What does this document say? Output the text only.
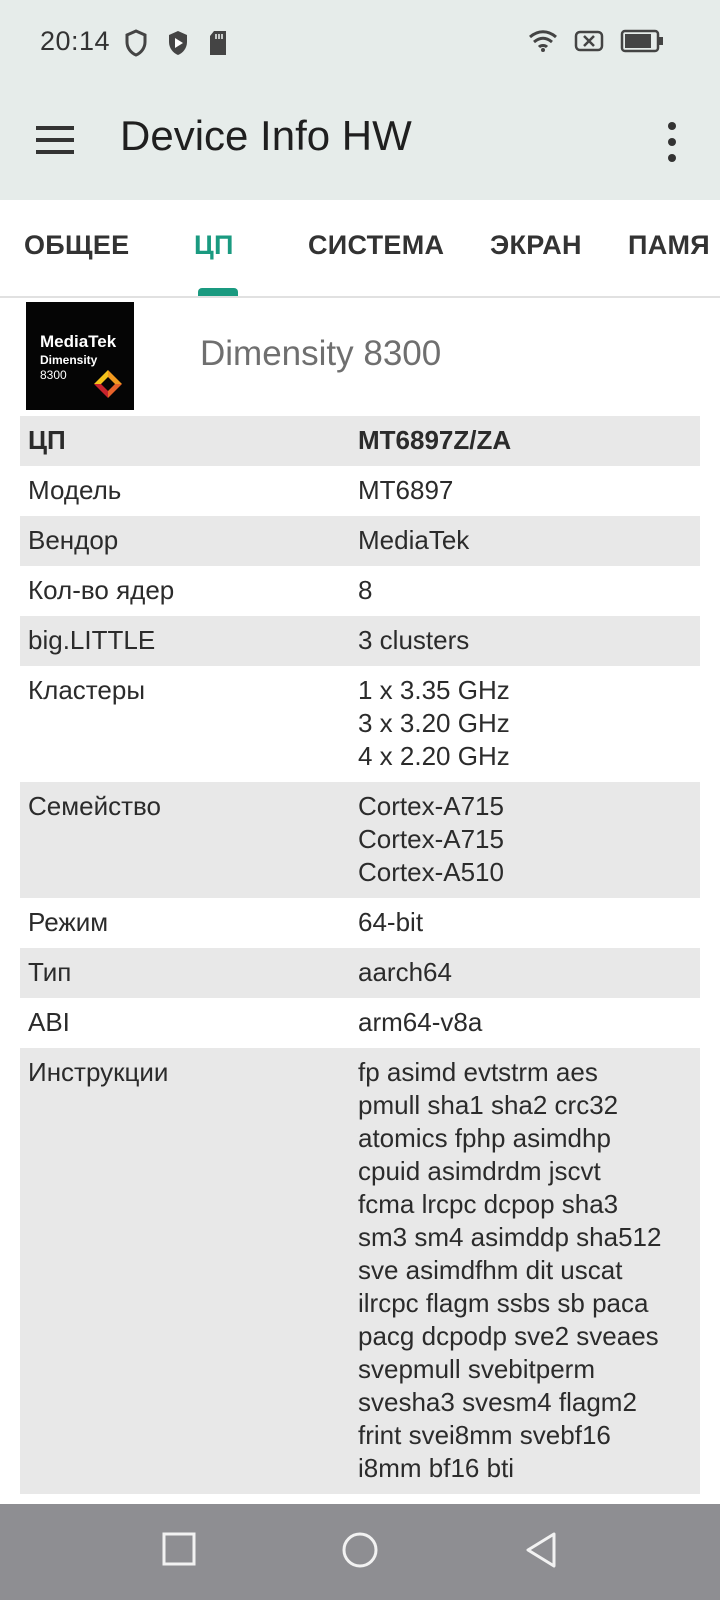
20:14
Device Info HW
ОБЩЕЕ ЦП	СИСТЕМА ЭКРАН ПАМЯ
MediaTek
Dimensity
8300
Dimensity 8300
ЦП	MT6897Z/ZA
Модель	MT6897
Вендор	MediaTek
Кол-во ядер	8
big.LITTLE	3 clusters
Кластеры	1 x 3.35 GHz
3 x 3.20 GHz
4 x 2.20 GHz
Семейство	Cortex-A715
Cortex-A715
Cortex-A510
Режим	64-bit
Тип	aarch64
ABI	arm64-v8a
Инструкции	fp asimd evtstrm aes
pmull sha1 sha2 crc32
atomics fphp asimdhp
cpuid asimdrdm jscvt
fcma lrcpc dcpop sha3
sm3 sm4 asimddp sha512
sve asimdfhm dit uscat
ilrcpc flagm ssbs sb paca
pacg dcpodp sve2 sveaes
svepmull svebitperm
svesha3 svesm4 flagm2
frint svei8mm svebf16
i8mm bf16 bti
